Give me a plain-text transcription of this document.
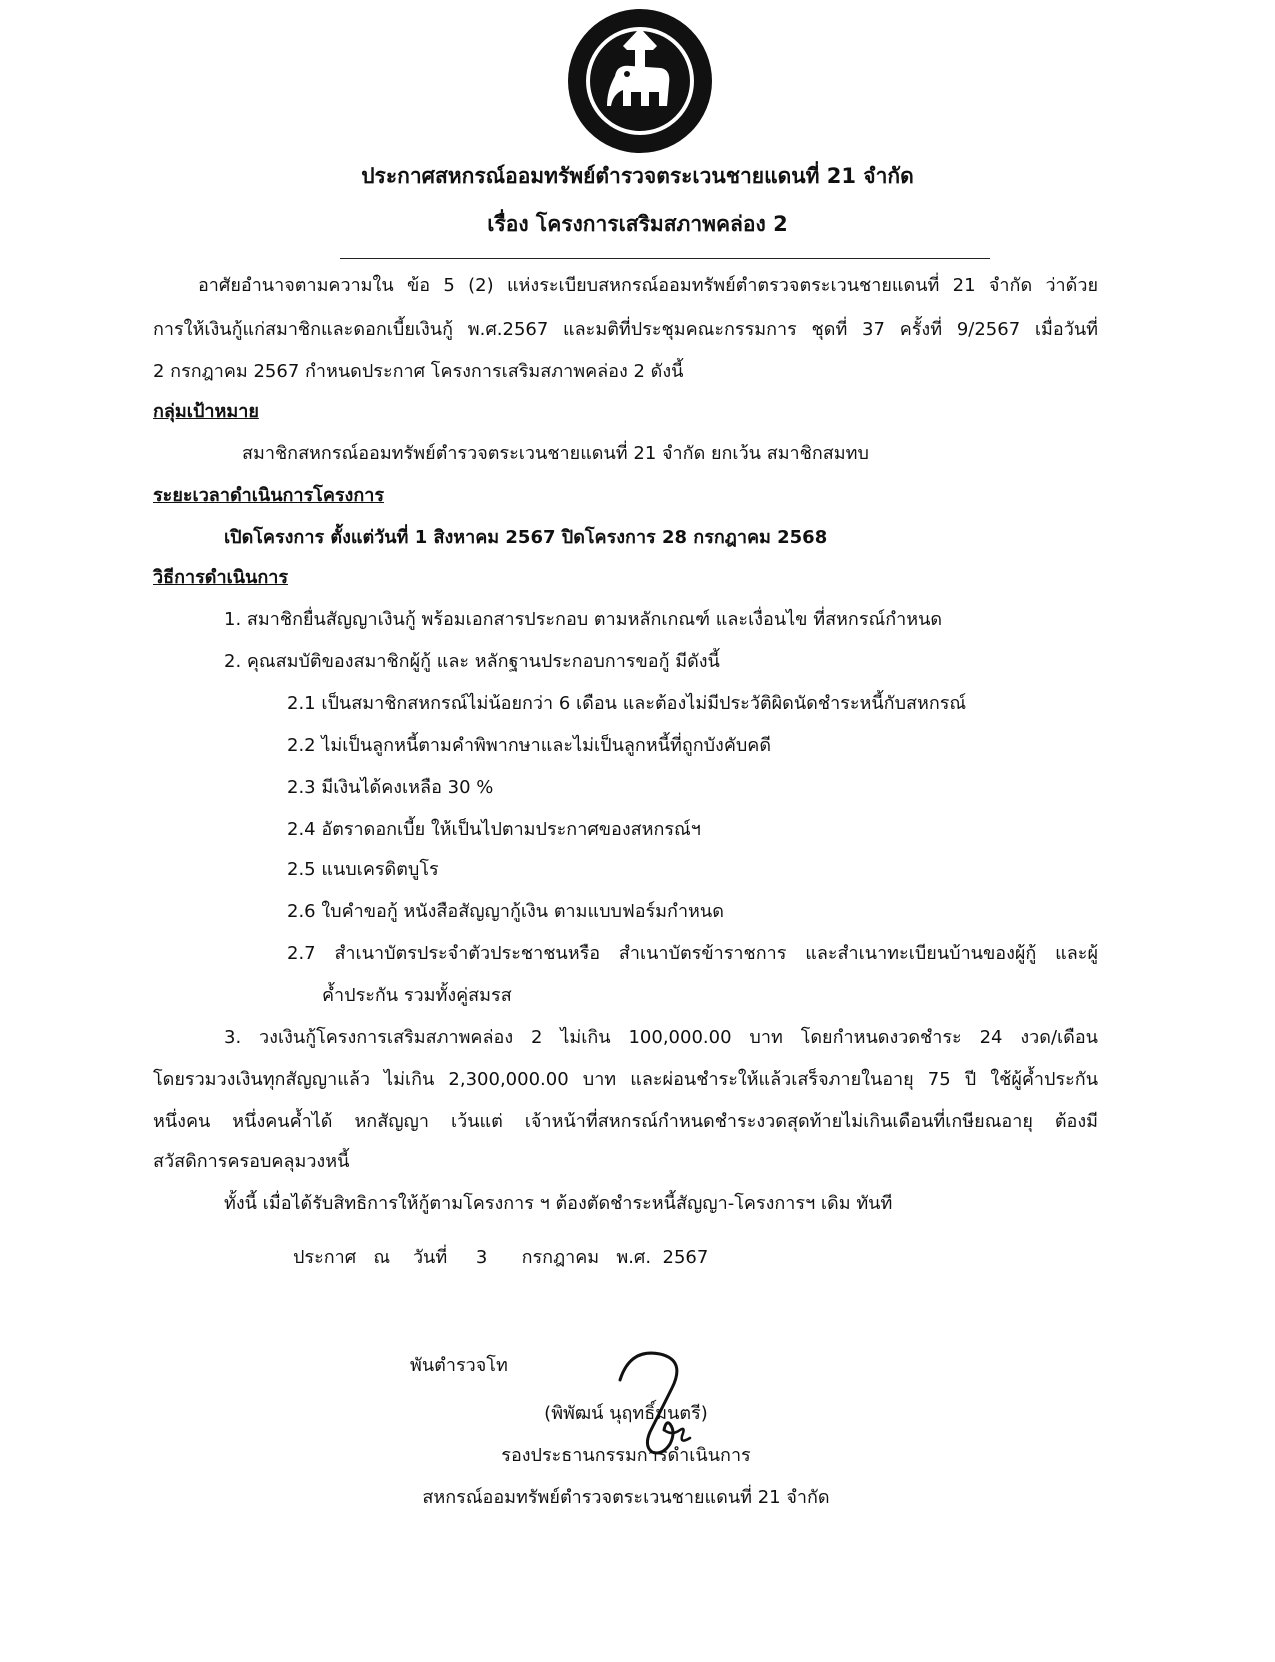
ประกาศสหกรณ์ออมทรัพย์ตำรวจตระเวนชายแดนที่ 21 จำกัด
เรื่อง โครงการเสริมสภาพคล่อง 2
อาศัยอำนาจตามความใน ข้อ 5 (2) แห่งระเบียบสหกรณ์ออมทรัพย์ตำตรวจตระเวนชายแดนที่ 21 จำกัด ว่าด้วย
การให้เงินกู้แก่สมาชิกและดอกเบี้ยเงินกู้ พ.ศ.2567 และมติที่ประชุมคณะกรรมการ ชุดที่ 37 ครั้งที่ 9/2567 เมื่อวันที่
2 กรกฎาคม 2567 กำหนดประกาศ โครงการเสริมสภาพคล่อง 2 ดังนี้
กลุ่มเป้าหมาย
สมาชิกสหกรณ์ออมทรัพย์ตำรวจตระเวนชายแดนที่ 21 จำกัด ยกเว้น สมาชิกสมทบ
ระยะเวลาดำเนินการโครงการ
เปิดโครงการ ตั้งแต่วันที่ 1 สิงหาคม 2567 ปิดโครงการ 28 กรกฎาคม 2568
วิธีการดำเนินการ
1. สมาชิกยื่นสัญญาเงินกู้ พร้อมเอกสารประกอบ ตามหลักเกณฑ์ และเงื่อนไข ที่สหกรณ์กำหนด
2. คุณสมบัติของสมาชิกผู้กู้ และ หลักฐานประกอบการขอกู้ มีดังนี้
2.1 เป็นสมาชิกสหกรณ์ไม่น้อยกว่า 6 เดือน และต้องไม่มีประวัติผิดนัดชำระหนี้กับสหกรณ์
2.2 ไม่เป็นลูกหนี้ตามคำพิพากษาและไม่เป็นลูกหนี้ที่ถูกบังคับคดี
2.3 มีเงินได้คงเหลือ 30 %
2.4 อัตราดอกเบี้ย ให้เป็นไปตามประกาศของสหกรณ์ฯ
2.5 แนบเครดิตบูโร
2.6 ใบคำขอกู้ หนังสือสัญญากู้เงิน ตามแบบฟอร์มกำหนด
2.7 สำเนาบัตรประจำตัวประชาชนหรือ สำเนาบัตรข้าราชการ และสำเนาทะเบียนบ้านของผู้กู้ และผู้
ค้ำประกัน รวมทั้งคู่สมรส
3. วงเงินกู้โครงการเสริมสภาพคล่อง 2 ไม่เกิน 100,000.00 บาท โดยกำหนดงวดชำระ 24 งวด/เดือน
โดยรวมวงเงินทุกสัญญาแล้ว ไม่เกิน 2,300,000.00 บาท และผ่อนชำระให้แล้วเสร็จภายในอายุ 75 ปี ใช้ผู้ค้ำประกัน
หนึ่งคน หนึ่งคนค้ำได้ หกสัญญา เว้นแต่ เจ้าหน้าที่สหกรณ์กำหนดชำระงวดสุดท้ายไม่เกินเดือนที่เกษียณอายุ ต้องมี
สวัสดิการครอบคลุมวงหนี้
ทั้งนี้ เมื่อได้รับสิทธิการให้กู้ตามโครงการ ฯ ต้องตัดชำระหนี้สัญญา-โครงการฯ เดิม ทันที
ประกาศ   ณ    วันที่     3      กรกฎาคม   พ.ศ.  2567
พันตำรวจโท
(พิพัฒน์ นุฤทธิ์มนตรี)
รองประธานกรรมการดำเนินการ
สหกรณ์ออมทรัพย์ตำรวจตระเวนชายแดนที่ 21 จำกัด
